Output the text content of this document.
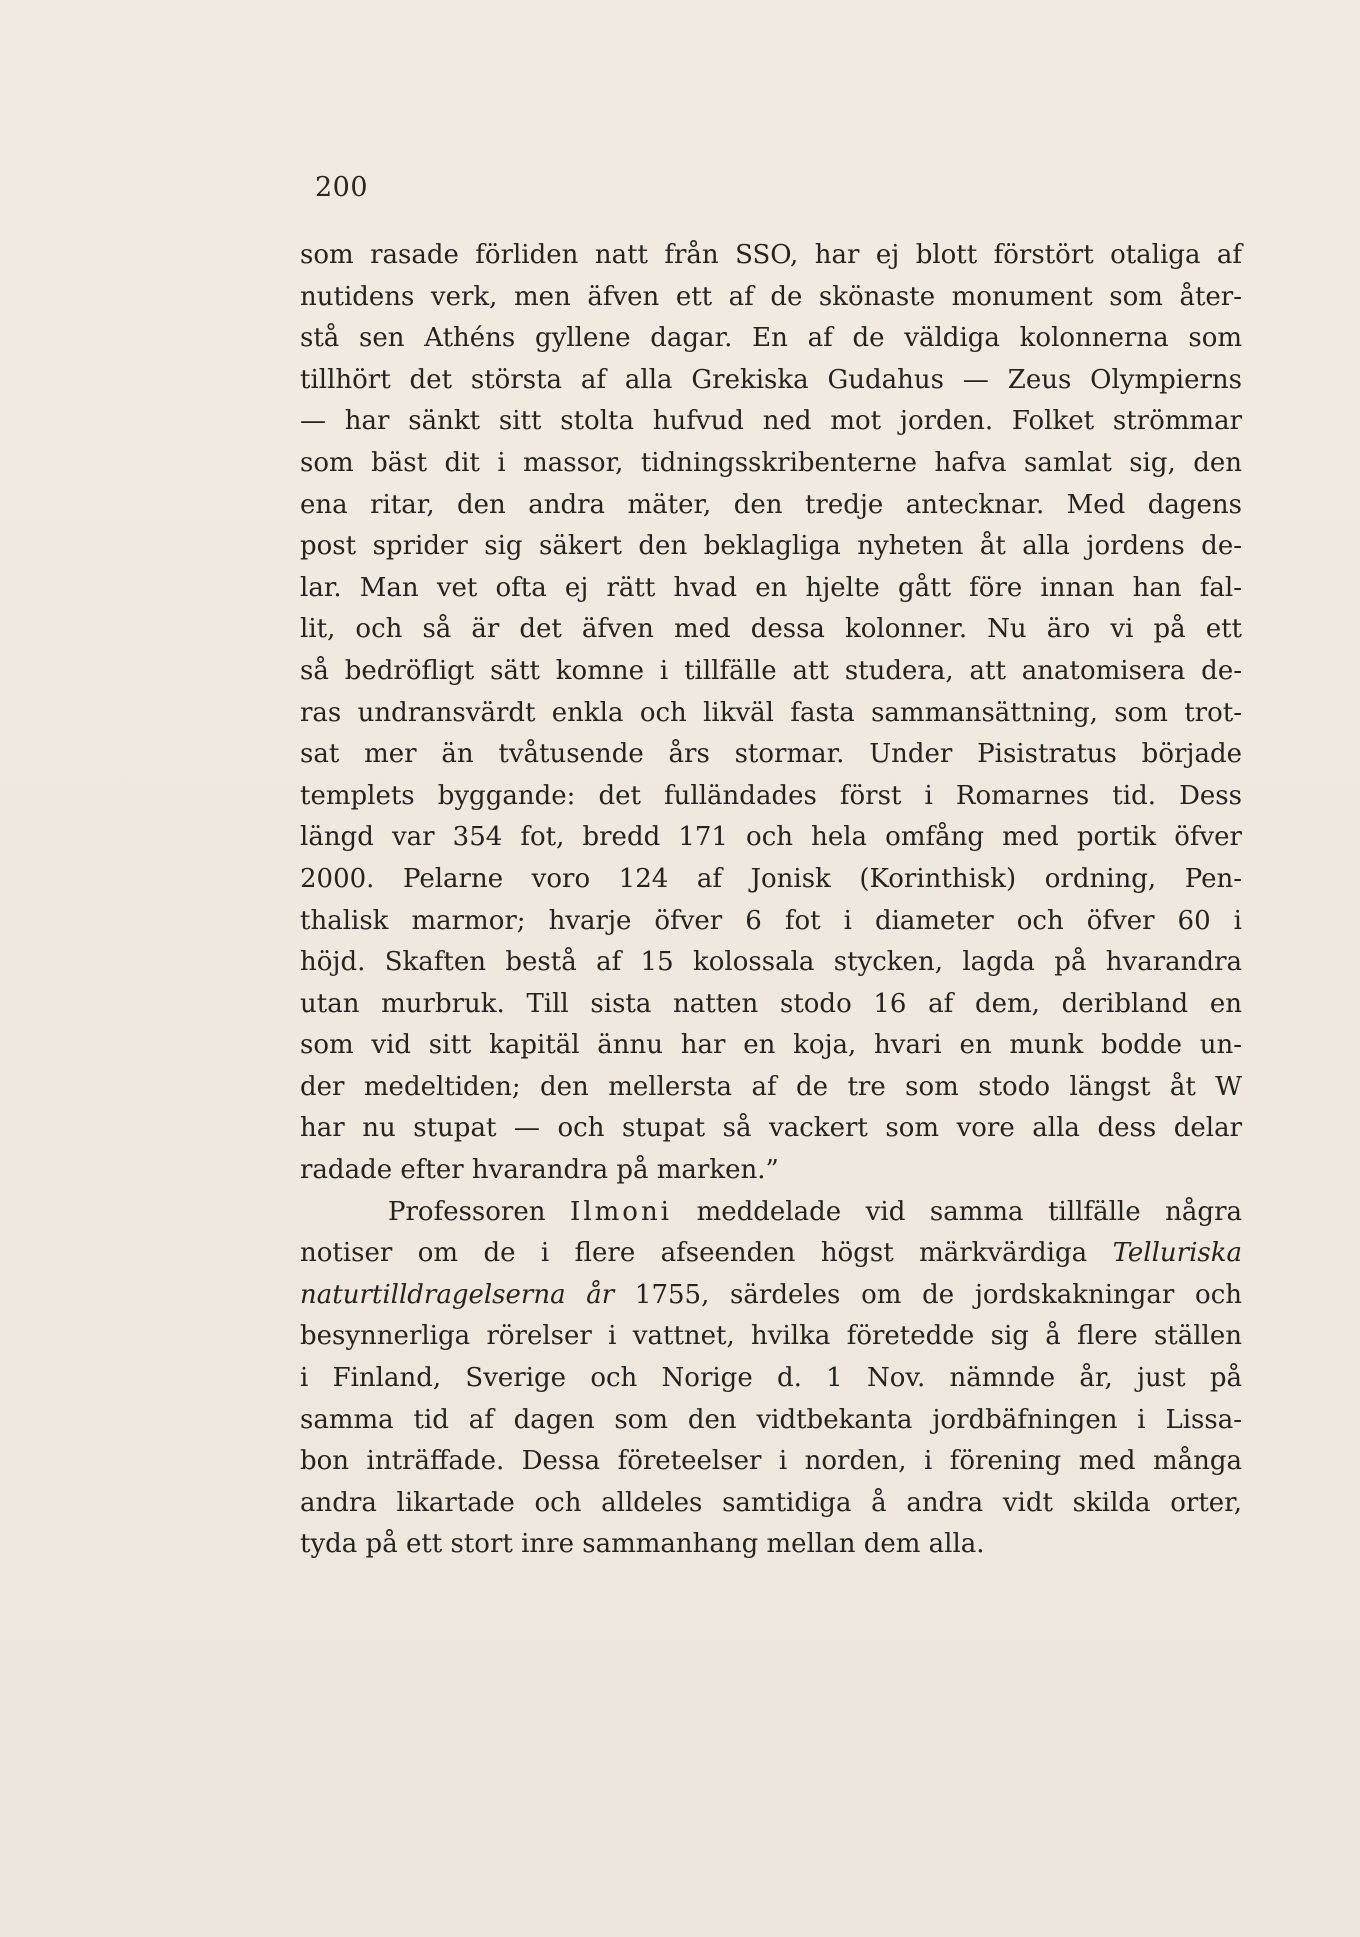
200
som rasade förliden natt från SSO, har ej blott förstört otaliga af
nutidens verk, men äfven ett af de skönaste monument som åter-
stå sen Athéns gyllene dagar. En af de väldiga kolonnerna som
tillhört det största af alla Grekiska Gudahus — Zeus Olympierns
— har sänkt sitt stolta hufvud ned mot jorden. Folket strömmar
som bäst dit i massor, tidningsskribenterne hafva samlat sig, den
ena ritar, den andra mäter, den tredje antecknar. Med dagens
post sprider sig säkert den beklagliga nyheten åt alla jordens de-
lar. Man vet ofta ej rätt hvad en hjelte gått före innan han fal-
lit, och så är det äfven med dessa kolonner. Nu äro vi på ett
så bedröfligt sätt komne i tillfälle att studera, att anatomisera de-
ras undransvärdt enkla och likväl fasta sammansättning, som trot-
sat mer än tvåtusende års stormar. Under Pisistratus började
templets byggande: det fulländades först i Romarnes tid. Dess
längd var 354 fot, bredd 171 och hela omfång med portik öfver
2000. Pelarne voro 124 af Jonisk (Korinthisk) ordning, Pen-
thalisk marmor; hvarje öfver 6 fot i diameter och öfver 60 i
höjd. Skaften bestå af 15 kolossala stycken, lagda på hvarandra
utan murbruk. Till sista natten stodo 16 af dem, deribland en
som vid sitt kapitäl ännu har en koja, hvari en munk bodde un-
der medeltiden; den mellersta af de tre som stodo längst åt W
har nu stupat — och stupat så vackert som vore alla dess delar
radade efter hvarandra på marken.”
Professoren Ilmoni meddelade vid samma tillfälle några
notiser om de i flere afseenden högst märkvärdiga Telluriska
naturtilldragelserna år 1755, särdeles om de jordskakningar och
besynnerliga rörelser i vattnet, hvilka företedde sig å flere ställen
i Finland, Sverige och Norige d. 1 Nov. nämnde år, just på
samma tid af dagen som den vidtbekanta jordbäfningen i Lissa-
bon inträffade. Dessa företeelser i norden, i förening med många
andra likartade och alldeles samtidiga å andra vidt skilda orter,
tyda på ett stort inre sammanhang mellan dem alla.
